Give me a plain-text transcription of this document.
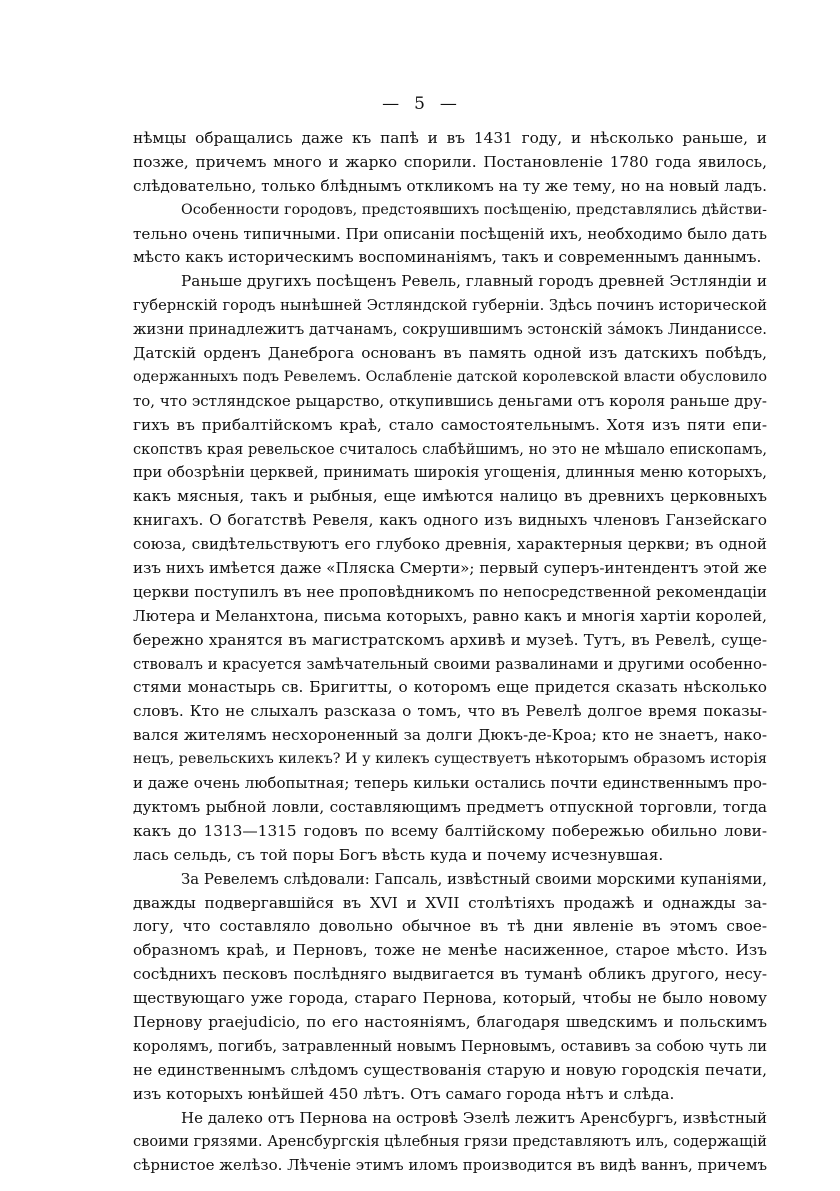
— 5 —
нѣмцы обращались даже къ папѣ и въ 1431 году, и нѣсколько раньше, и
позже, причемъ много и жарко спорили. Постановленіе 1780 года явилось,
слѣдовательно, только блѣднымъ откликомъ на ту же тему, но на новый ладъ.
Особенности городовъ, предстоявшихъ посѣщенію, представлялись дѣйстви-
тельно очень типичными. При описаніи посѣщеній ихъ, необходимо было дать
мѣсто какъ историческимъ воспоминаніямъ, такъ и современнымъ даннымъ.
Раньше другихъ посѣщенъ Ревель, главный городъ древней Эстляндіи и
губернскій городъ нынѣшней Эстляндской губерніи. Здѣсь починъ исторической
жизни принадлежитъ датчанамъ, сокрушившимъ эстонскій зáмокъ Линданиссе.
Датскій орденъ Данеброга основанъ въ память одной изъ датскихъ побѣдъ,
одержанныхъ подъ Ревелемъ. Ослабленіе датской королевской власти обусловило
то, что эстляндское рыцарство, откупившись деньгами отъ короля раньше дру-
гихъ въ прибалтійскомъ краѣ, стало самостоятельнымъ. Хотя изъ пяти епи-
скопствъ края ревельское считалось слабѣйшимъ, но это не мѣшало епископамъ,
при обозрѣніи церквей, принимать широкія угощенія, длинныя меню которыхъ,
какъ мясныя, такъ и рыбныя, еще имѣются налицо въ древнихъ церковныхъ
книгахъ. О богатствѣ Ревеля, какъ одного изъ видныхъ членовъ Ганзейскаго
союза, свидѣтельствуютъ его глубоко древнія, характерныя церкви; въ одной
изъ нихъ имѣется даже «Пляска Смерти»; первый суперъ-интендентъ этой же
церкви поступилъ въ нее проповѣдникомъ по непосредственной рекомендаціи
Лютера и Меланхтона, письма которыхъ, равно какъ и многія хартіи королей,
бережно хранятся въ магистратскомъ архивѣ и музеѣ. Тутъ, въ Ревелѣ, суще-
ствовалъ и красуется замѣчательный своими развалинами и другими особенно-
стями монастырь св. Бригитты, о которомъ еще придется сказать нѣсколько
словъ. Кто не слыхалъ разсказа о томъ, что въ Ревелѣ долгое время показы-
вался жителямъ несхороненный за долги Дюкъ-де-Кроа; кто не знаетъ, нако-
нецъ, ревельскихъ килекъ? И у килекъ существуетъ нѣкоторымъ образомъ исторія
и даже очень любопытная; теперь кильки остались почти единственнымъ про-
дуктомъ рыбной ловли, составляющимъ предметъ отпускной торговли, тогда
какъ до 1313—1315 годовъ по всему балтійскому побережью обильно лови-
лась сельдь, съ той поры Богъ вѣсть куда и почему исчезнувшая.
За Ревелемъ слѣдовали: Гапсаль, извѣстный своими морскими купаніями,
дважды подвергавшійся въ XVI и XVII столѣтіяхъ продажѣ и однажды за-
логу, что составляло довольно обычное въ тѣ дни явленіе въ этомъ свое-
образномъ краѣ, и Перновъ, тоже не менѣе насиженное, старое мѣсто. Изъ
сосѣднихъ песковъ послѣдняго выдвигается въ туманѣ обликъ другого, несу-
ществующаго уже города, стараго Пернова, который, чтобы не было новому
Пернову praejudicio, по его настояніямъ, благодаря шведскимъ и польскимъ
королямъ, погибъ, затравленный новымъ Перновымъ, оставивъ за собою чуть ли
не единственнымъ слѣдомъ существованія старую и новую городскія печати,
изъ которыхъ юнѣйшей 450 лѣтъ. Отъ самаго города нѣтъ и слѣда.
Не далеко отъ Пернова на островѣ Эзелѣ лежитъ Аренсбургъ, извѣстный
своими грязями. Аренсбургскія цѣлебныя грязи представляютъ илъ, содержащій
сѣрнистое желѣзо. Лѣченіе этимъ иломъ производится въ видѣ ваннъ, причемъ
